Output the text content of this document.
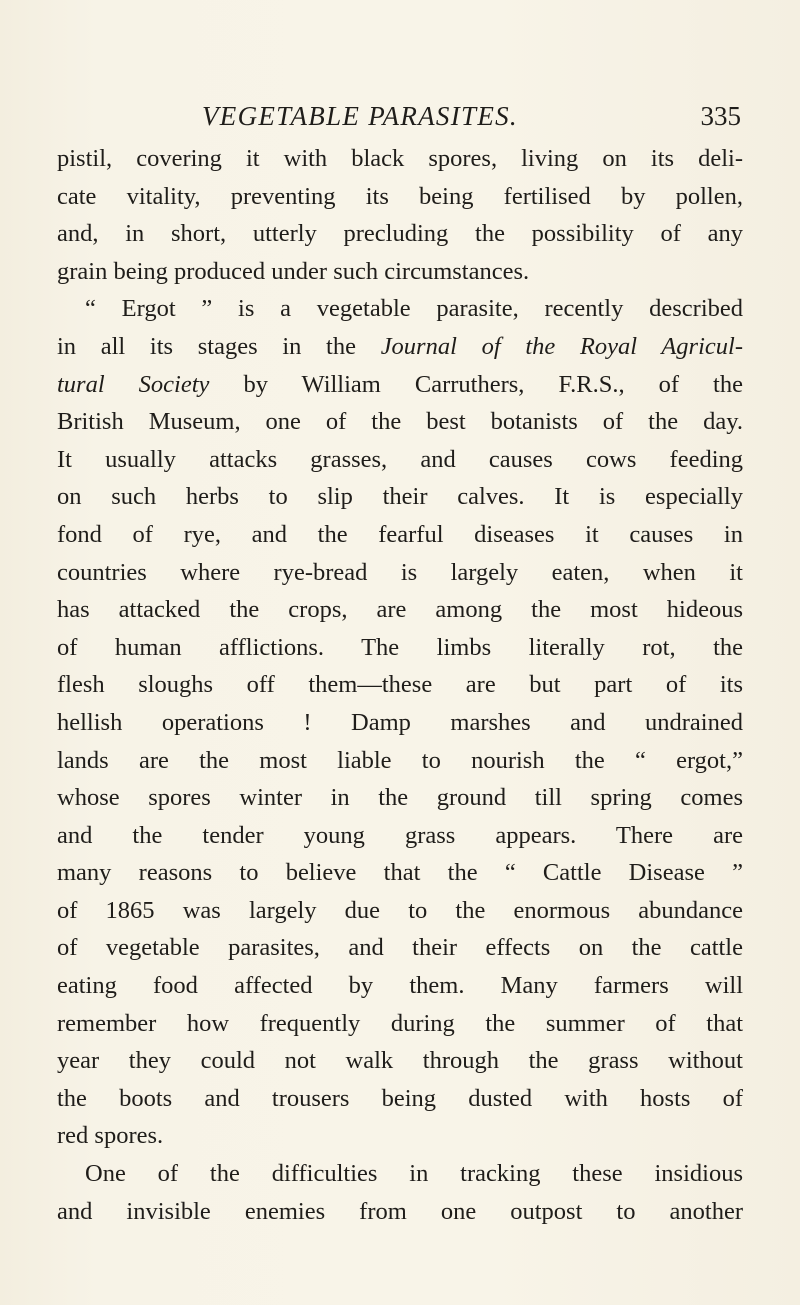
VEGETABLE PARASITES.	335
pistil, covering it with black spores, living on its deli-
cate vitality, preventing its being fertilised by pollen,
and, in short, utterly precluding the possibility of any
grain being produced under such circumstances.
“ Ergot ” is a vegetable parasite, recently described
in all its stages in the Journal of the Royal Agricul-
tural Society by William Carruthers, F.R.S., of the
British Museum, one of the best botanists of the day.
It usually attacks grasses, and causes cows feeding
on such herbs to slip their calves. It is especially
fond of rye, and the fearful diseases it causes in
countries where rye-bread is largely eaten, when it
has attacked the crops, are among the most hideous
of human afflictions. The limbs literally rot, the
flesh sloughs off them—these are but part of its
hellish operations ! Damp marshes and undrained
lands are the most liable to nourish the “ ergot,”
whose spores winter in the ground till spring comes
and the tender young grass appears. There are
many reasons to believe that the “ Cattle Disease ”
of 1865 was largely due to the enormous abundance
of vegetable parasites, and their effects on the cattle
eating food affected by them. Many farmers will
remember how frequently during the summer of that
year they could not walk through the grass without
the boots and trousers being dusted with hosts of
red spores.
One of the difficulties in tracking these insidious
and invisible enemies from one outpost to another
